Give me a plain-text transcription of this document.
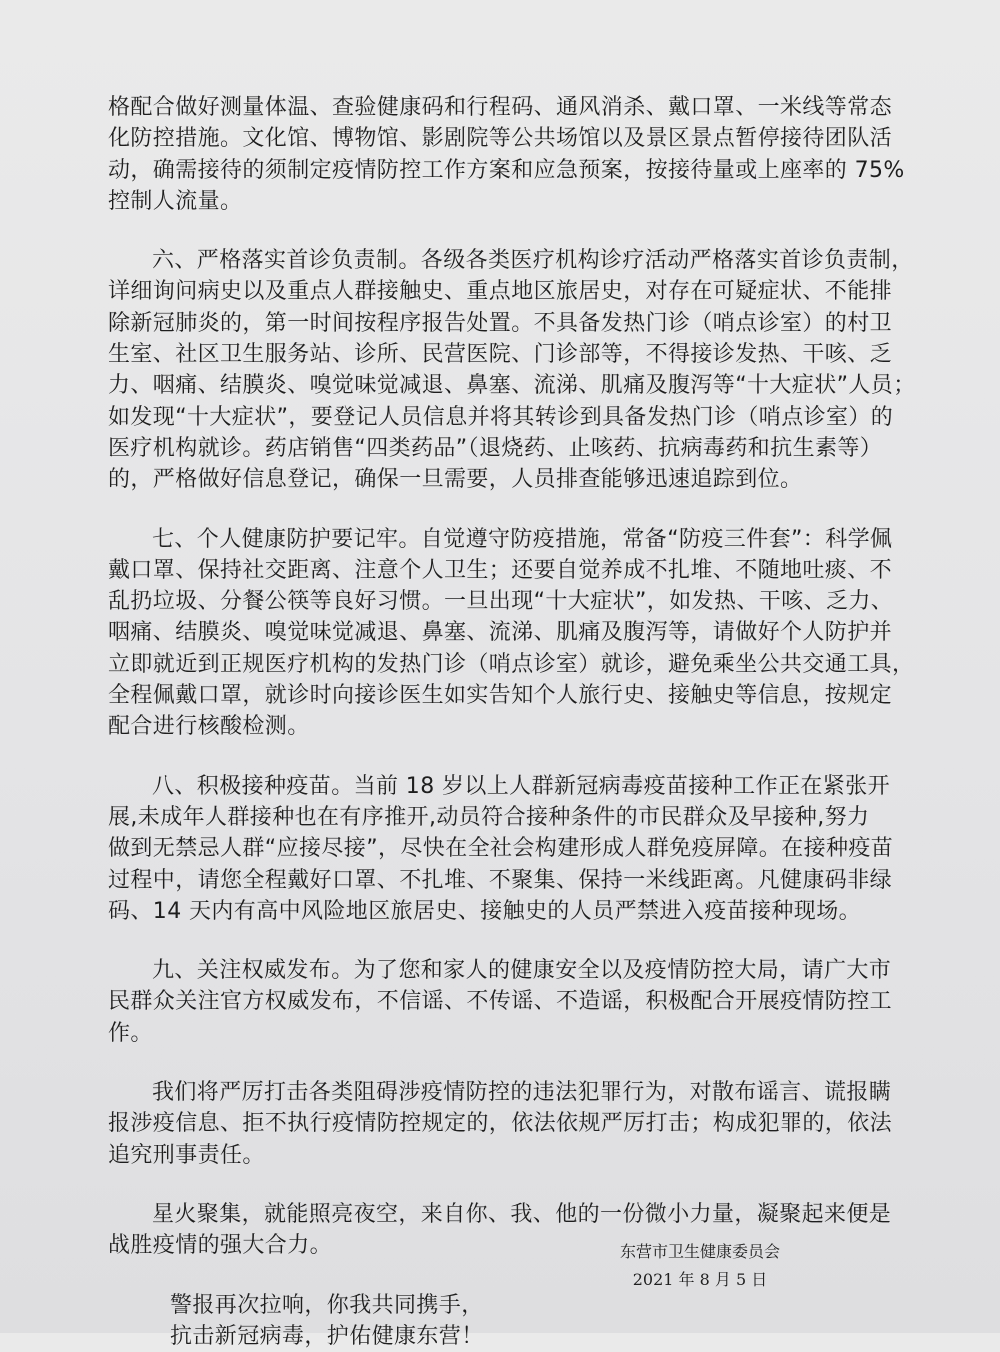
格配合做好测量体温、查验健康码和行程码、通风消杀、戴口罩、一米线等常态
化防控措施。文化馆、博物馆、影剧院等公共场馆以及景区景点暂停接待团队活
动，确需接待的须制定疫情防控工作方案和应急预案，按接待量或上座率的 75%
控制人流量。
六、严格落实首诊负责制。各级各类医疗机构诊疗活动严格落实首诊负责制，
详细询问病史以及重点人群接触史、重点地区旅居史，对存在可疑症状、不能排
除新冠肺炎的，第一时间按程序报告处置。不具备发热门诊（哨点诊室）的村卫
生室、社区卫生服务站、诊所、民营医院、门诊部等，不得接诊发热、干咳、乏
力、咽痛、结膜炎、嗅觉味觉减退、鼻塞、流涕、肌痛及腹泻等“十大症状”人员；
如发现“十大症状”，要登记人员信息并将其转诊到具备发热门诊（哨点诊室）的
医疗机构就诊。药店销售“四类药品”（退烧药、止咳药、抗病毒药和抗生素等）
的，严格做好信息登记，确保一旦需要，人员排查能够迅速追踪到位。
七、个人健康防护要记牢。自觉遵守防疫措施，常备“防疫三件套”：科学佩
戴口罩、保持社交距离、注意个人卫生；还要自觉养成不扎堆、不随地吐痰、不
乱扔垃圾、分餐公筷等良好习惯。一旦出现“十大症状”，如发热、干咳、乏力、
咽痛、结膜炎、嗅觉味觉减退、鼻塞、流涕、肌痛及腹泻等，请做好个人防护并
立即就近到正规医疗机构的发热门诊（哨点诊室）就诊，避免乘坐公共交通工具，
全程佩戴口罩，就诊时向接诊医生如实告知个人旅行史、接触史等信息，按规定
配合进行核酸检测。
八、积极接种疫苗。当前 18 岁以上人群新冠病毒疫苗接种工作正在紧张开
展,未成年人群接种也在有序推开,动员符合接种条件的市民群众及早接种,努力
做到无禁忌人群“应接尽接”，尽快在全社会构建形成人群免疫屏障。在接种疫苗
过程中，请您全程戴好口罩、不扎堆、不聚集、保持一米线距离。凡健康码非绿
码、14 天内有高中风险地区旅居史、接触史的人员严禁进入疫苗接种现场。
九、关注权威发布。为了您和家人的健康安全以及疫情防控大局，请广大市
民群众关注官方权威发布，不信谣、不传谣、不造谣，积极配合开展疫情防控工
作。
我们将严厉打击各类阻碍涉疫情防控的违法犯罪行为，对散布谣言、谎报瞒
报涉疫信息、拒不执行疫情防控规定的，依法依规严厉打击；构成犯罪的，依法
追究刑事责任。
星火聚集，就能照亮夜空，来自你、我、他的一份微小力量，凝聚起来便是
战胜疫情的强大合力。
警报再次拉响，你我共同携手，
抗击新冠病毒，护佑健康东营！
东营市卫生健康委员会
2021 年 8 月 5 日
